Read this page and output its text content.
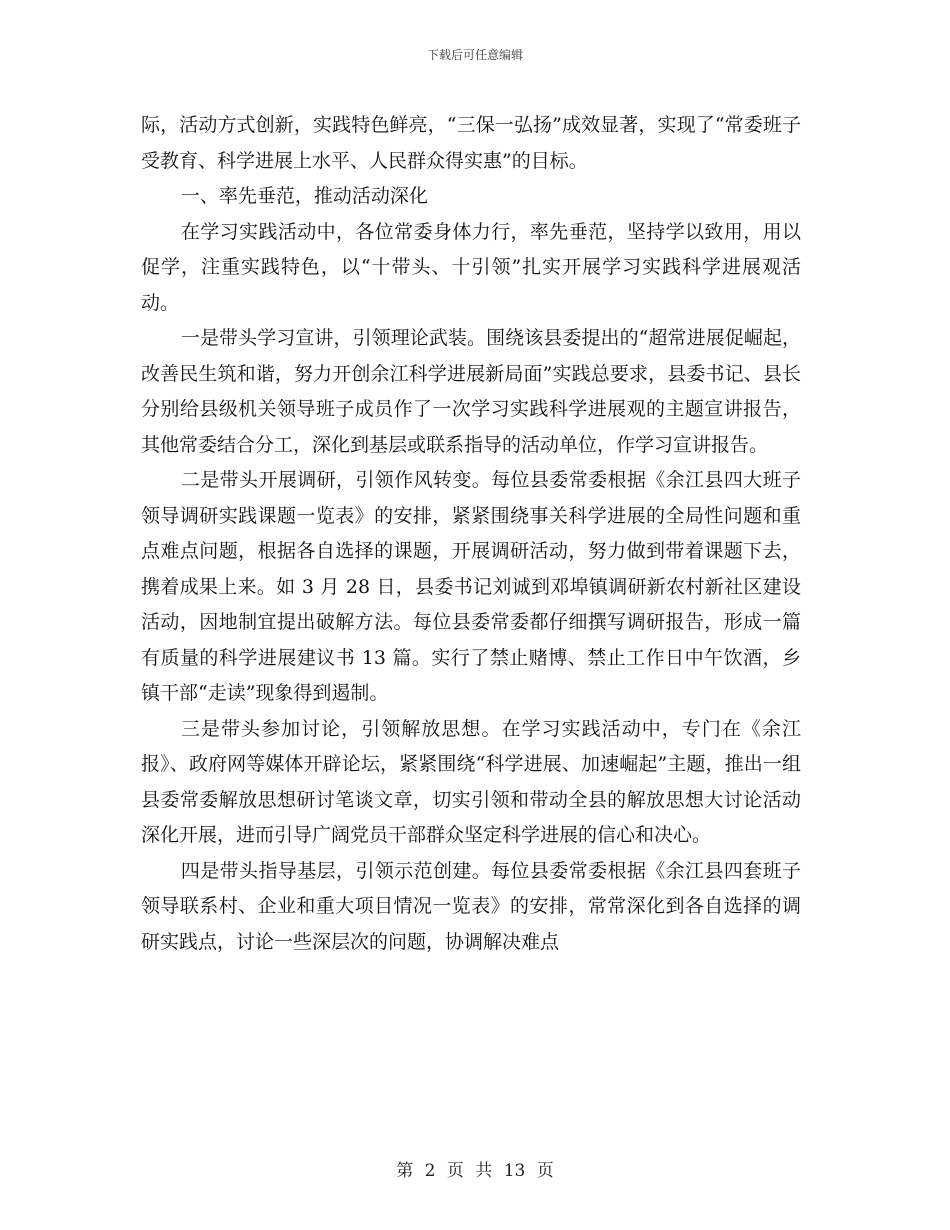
下载后可任意编辑

际，活动方式创新，实践特色鲜亮，“三保一弘扬”成效显著，实现了“常委班子受教育、科学进展上水平、人民群众得实惠”的目标。

一、率先垂范，推动活动深化

在学习实践活动中，各位常委身体力行，率先垂范，坚持学以致用，用以促学，注重实践特色，以“十带头、十引领”扎实开展学习实践科学进展观活动。

一是带头学习宣讲，引领理论武装。围绕该县委提出的“超常进展促崛起，改善民生筑和谐，努力开创余江科学进展新局面”实践总要求，县委书记、县长分别给县级机关领导班子成员作了一次学习实践科学进展观的主题宣讲报告，其他常委结合分工，深化到基层或联系指导的活动单位，作学习宣讲报告。

二是带头开展调研，引领作风转变。每位县委常委根据《余江县四大班子领导调研实践课题一览表》的安排，紧紧围绕事关科学进展的全局性问题和重点难点问题，根据各自选择的课题，开展调研活动，努力做到带着课题下去，携着成果上来。如 3 月 28 日，县委书记刘诚到邓埠镇调研新农村新社区建设活动，因地制宜提出破解方法。每位县委常委都仔细撰写调研报告，形成一篇有质量的科学进展建议书 13 篇。实行了禁止赌博、禁止工作日中午饮酒，乡镇干部“走读”现象得到遏制。

三是带头参加讨论，引领解放思想。在学习实践活动中，专门在《余江报》、政府网等媒体开辟论坛，紧紧围绕“科学进展、加速崛起”主题，推出一组县委常委解放思想研讨笔谈文章，切实引领和带动全县的解放思想大讨论活动深化开展，进而引导广阔党员干部群众坚定科学进展的信心和决心。

四是带头指导基层，引领示范创建。每位县委常委根据《余江县四套班子领导联系村、企业和重大项目情况一览表》的安排，常常深化到各自选择的调研实践点，讨论一些深层次的问题，协调解决难点

第 2 页 共 13 页
